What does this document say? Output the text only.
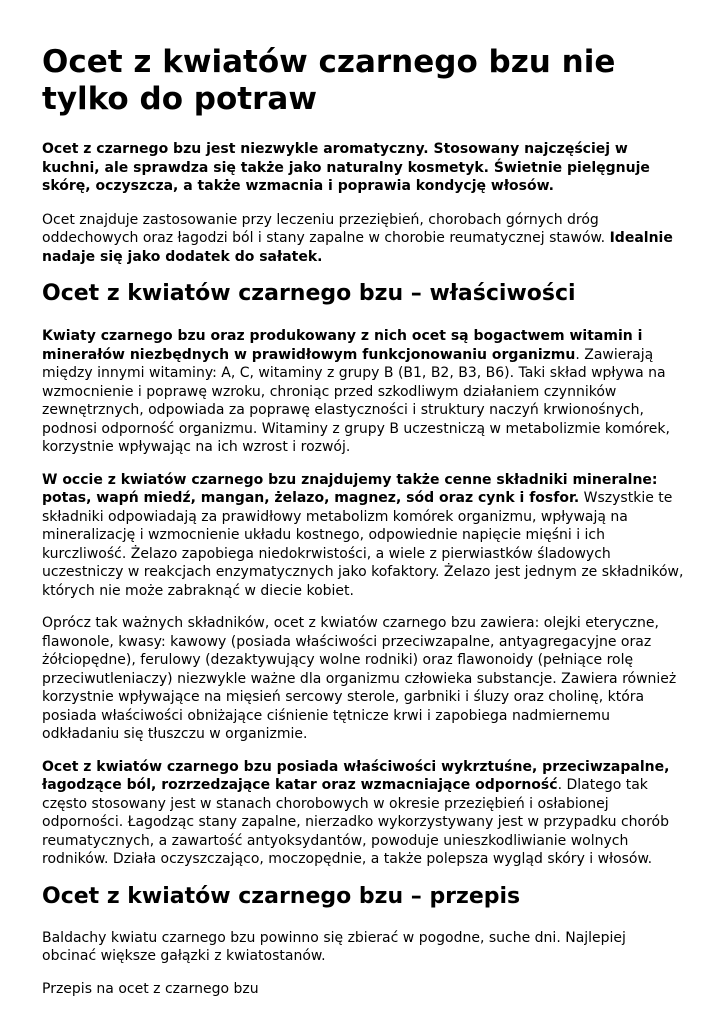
Ocet z kwiatów czarnego bzu nie tylko do potraw

Ocet z czarnego bzu jest niezwykle aromatyczny. Stosowany najczęściej w kuchni, ale sprawdza się także jako naturalny kosmetyk. Świetnie pielęgnuje skórę, oczyszcza, a także wzmacnia i poprawia kondycję włosów.

Ocet znajduje zastosowanie przy leczeniu przeziębień, chorobach górnych dróg oddechowych oraz łagodzi ból i stany zapalne w chorobie reumatycznej stawów. Idealnie nadaje się jako dodatek do sałatek.

Ocet z kwiatów czarnego bzu – właściwości

Kwiaty czarnego bzu oraz produkowany z nich ocet są bogactwem witamin i minerałów niezbędnych w prawidłowym funkcjonowaniu organizmu. Zawierają między innymi witaminy: A, C, witaminy z grupy B (B1, B2, B3, B6). Taki skład wpływa na wzmocnienie i poprawę wzroku, chroniąc przed szkodliwym działaniem czynników zewnętrznych, odpowiada za poprawę elastyczności i struktury naczyń krwionośnych, podnosi odporność organizmu. Witaminy z grupy B uczestniczą w metabolizmie komórek, korzystnie wpływając na ich wzrost i rozwój.

W occie z kwiatów czarnego bzu znajdujemy także cenne składniki mineralne: potas, wapń miedź, mangan, żelazo, magnez, sód oraz cynk i fosfor. Wszystkie te składniki odpowiadają za prawidłowy metabolizm komórek organizmu, wpływają na mineralizację i wzmocnienie układu kostnego, odpowiednie napięcie mięśni i ich kurczliwość. Żelazo zapobiega niedokrwistości, a wiele z pierwiastków śladowych uczestniczy w reakcjach enzymatycznych jako kofaktory. Żelazo jest jednym ze składników, których nie może zabraknąć w diecie kobiet.

Oprócz tak ważnych składników, ocet z kwiatów czarnego bzu zawiera: olejki eteryczne, flawonole, kwasy: kawowy (posiada właściwości przeciwzapalne, antyagregacyjne oraz żółciopędne), ferulowy (dezaktywujący wolne rodniki) oraz flawonoidy (pełniące rolę przeciwutleniaczy) niezwykle ważne dla organizmu człowieka substancje. Zawiera również korzystnie wpływające na mięsień sercowy sterole, garbniki i śluzy oraz cholinę, która posiada właściwości obniżające ciśnienie tętnicze krwi i zapobiega nadmiernemu odkładaniu się tłuszczu w organizmie.

Ocet z kwiatów czarnego bzu posiada właściwości wykrztuśne, przeciwzapalne, łagodzące ból, rozrzedzające katar oraz wzmacniające odporność. Dlatego tak często stosowany jest w stanach chorobowych w okresie przeziębień i osłabionej odporności. Łagodząc stany zapalne, nierzadko wykorzystywany jest w przypadku chorób reumatycznych, a zawartość antyoksydantów, powoduje unieszkodliwianie wolnych rodników. Działa oczyszczająco, moczopędnie, a także polepsza wygląd skóry i włosów.

Ocet z kwiatów czarnego bzu – przepis

Baldachy kwiatu czarnego bzu powinno się zbierać w pogodne, suche dni. Najlepiej obcinać większe gałązki z kwiatostanów.

Przepis na ocet z czarnego bzu
